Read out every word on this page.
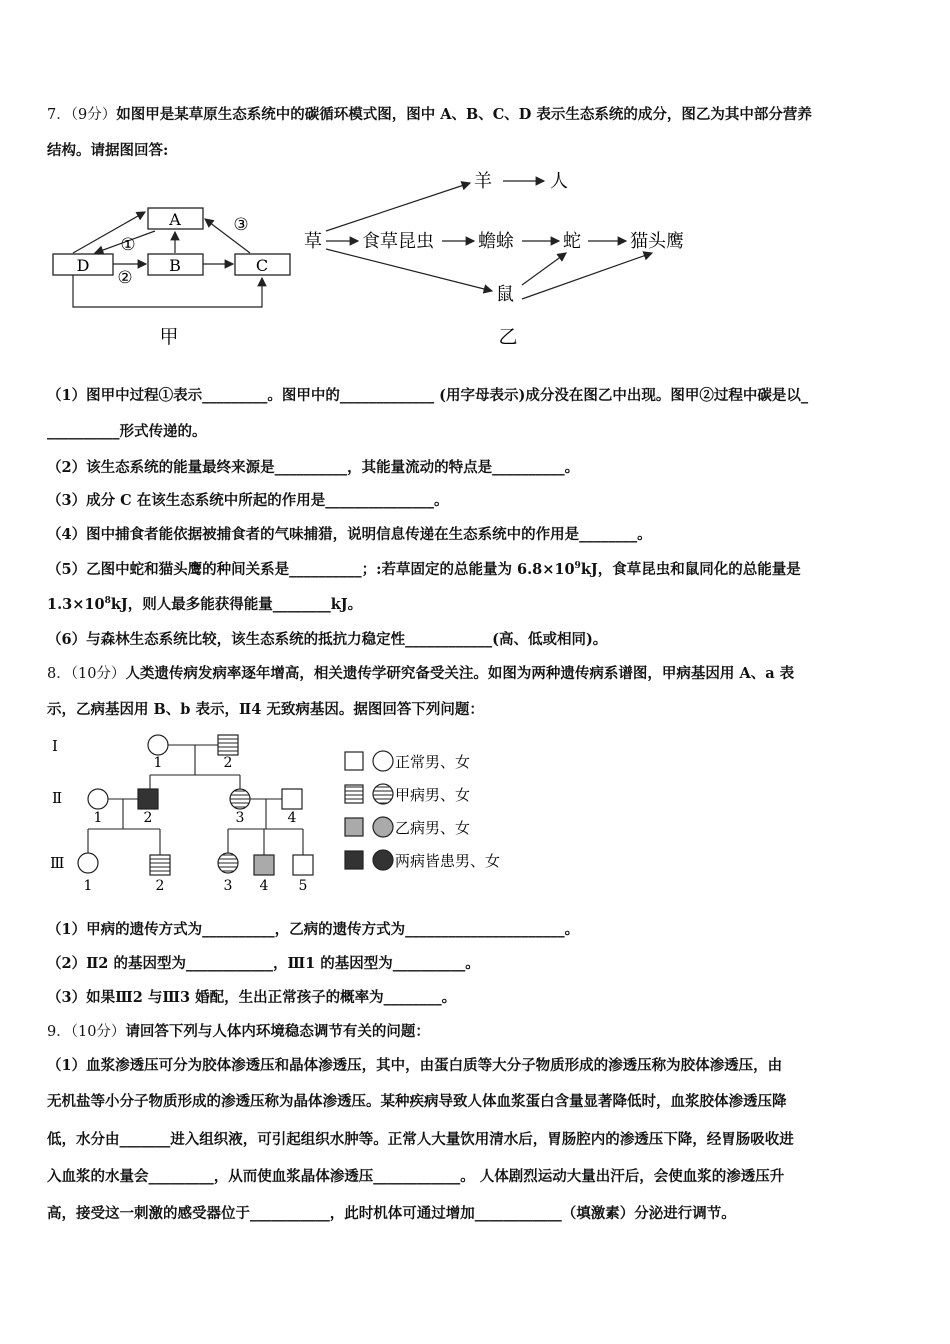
7．（9分）如图甲是某草原生态系统中的碳循环模式图，图中 A、B、C、D 表示生态系统的成分，图乙为其中部分营养
结构。请据图回答:
A
B	C
D
①
②
③
甲
草 食草昆虫 蟾蜍	蛇	猫头鹰
羊	人
鼠
乙
（1）图甲中过程①表示_________。图甲中的_____________ (用字母表示)成分没在图乙中出现。图甲②过程中碳是以_
__________形式传递的。
（2）该生态系统的能量最终来源是__________，其能量流动的特点是__________。
（3）成分 C 在该生态系统中所起的作用是_______________。
（4）图中捕食者能依据被捕食者的气味捕猎，说明信息传递在生态系统中的作用是________。
（5）乙图中蛇和猫头鹰的种间关系是__________；:若草固定的总能量为 $6.8\times 10^9kJ$，食草昆虫和鼠同化的总能量是
$1.3\times 10^8kJ$，则人最多能获得能量________kJ。
（6）与森林生态系统比较，该生态系统的抵抗力稳定性____________(高、低或相同)。
8．（10分）人类遗传病发病率逐年增高，相关遗传学研究备受关注。如图为两种遗传病系谱图，甲病基因用 A、a 表
示，乙病基因用 B、b 表示，Ⅱ4 无致病基因。据图回答下列问题：
Ⅰ
Ⅱ
Ⅲ
1	2
1	2	3	4
1	2	3 4 5
正常男、女
甲病男、女
乙病男、女
两病皆患男、女
（1）甲病的遗传方式为__________，乙病的遗传方式为______________________。
（2）Ⅱ2 的基因型为____________，Ⅲ1 的基因型为__________。
（3）如果Ⅲ2 与Ⅲ3 婚配，生出正常孩子的概率为________。
9．（10分）请回答下列与人体内环境稳态调节有关的问题：
（1）血浆渗透压可分为胶体渗透压和晶体渗透压，其中，由蛋白质等大分子物质形成的渗透压称为胶体渗透压，由
无机盐等小分子物质形成的渗透压称为晶体渗透压。某种疾病导致人体血浆蛋白含量显著降低时，血浆胶体渗透压降
低，水分由_______进入组织液，可引起组织水肿等。正常人大量饮用清水后，胃肠腔内的渗透压下降，经胃肠吸收进
入血浆的水量会_________，从而使血浆晶体渗透压____________。 人体剧烈运动大量出汗后，会使血浆的渗透压升
高，接受这一刺激的感受器位于___________，此时机体可通过增加____________（填激素）分泌进行调节。
